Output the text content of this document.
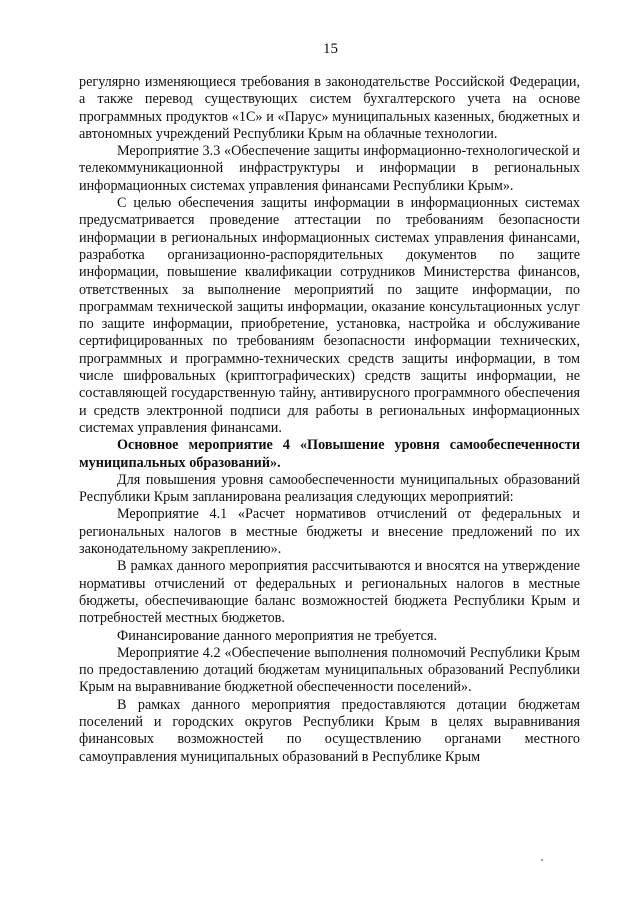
15

регулярно изменяющиеся требования в законодательстве Российской Федерации, а также перевод существующих систем бухгалтерского учета на основе программных продуктов «1С» и «Парус» муниципальных казенных, бюджетных и автономных учреждений Республики Крым на облачные технологии.

Мероприятие 3.3 «Обеспечение защиты информационно-технологической и телекоммуникационной инфраструктуры и информации в региональных информационных системах управления финансами Республики Крым».

С целью обеспечения защиты информации в информационных системах предусматривается проведение аттестации по требованиям безопасности информации в региональных информационных системах управления финансами, разработка организационно-распорядительных документов по защите информации, повышение квалификации сотрудников Министерства финансов, ответственных за выполнение мероприятий по защите информации, по программам технической защиты информации, оказание консультационных услуг по защите информации, приобретение, установка, настройка и обслуживание сертифицированных по требованиям безопасности информации технических, программных и программно-технических средств защиты информации, в том числе шифровальных (криптографических) средств защиты информации, не составляющей государственную тайну, антивирусного программного обеспечения и средств электронной подписи для работы в региональных информационных системах управления финансами.

Основное мероприятие 4 «Повышение уровня самообеспеченности муниципальных образований».

Для повышения уровня самообеспеченности муниципальных образований Республики Крым запланирована реализация следующих мероприятий:

Мероприятие 4.1 «Расчет нормативов отчислений от федеральных и региональных налогов в местные бюджеты и внесение предложений по их законодательному закреплению».

В рамках данного мероприятия рассчитываются и вносятся на утверждение нормативы отчислений от федеральных и региональных налогов в местные бюджеты, обеспечивающие баланс возможностей бюджета Республики Крым и потребностей местных бюджетов.

Финансирование данного мероприятия не требуется.

Мероприятие 4.2 «Обеспечение выполнения полномочий Республики Крым по предоставлению дотаций бюджетам муниципальных образований Республики Крым на выравнивание бюджетной обеспеченности поселений».

В рамках данного мероприятия предоставляются дотации бюджетам поселений и городских округов Республики Крым в целях выравнивания финансовых возможностей по осуществлению органами местного самоуправления муниципальных образований в Республике Крым
